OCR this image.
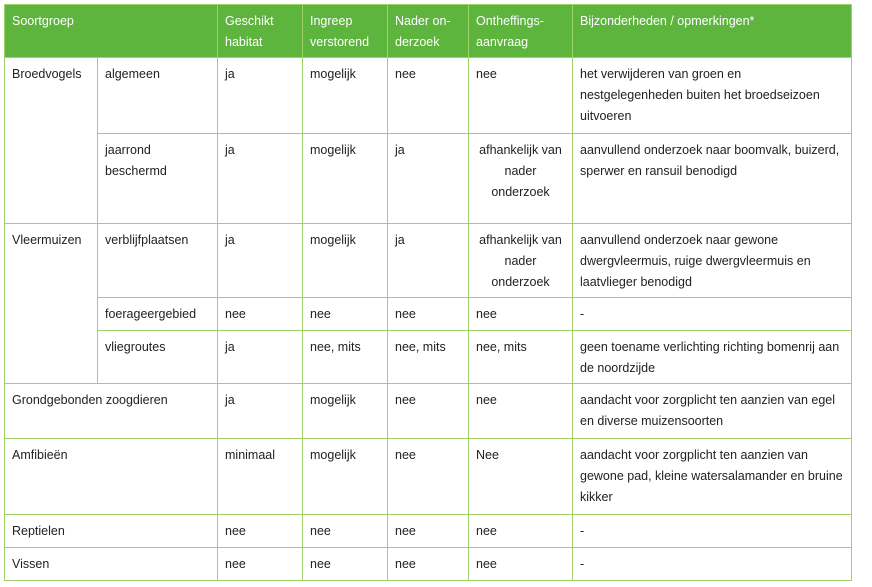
Soortgroep		Geschikt habitat	Ingreep verstorend	Nader on-derzoek	Ontheffings-aanvraag	Bijzonderheden / opmerkingen*
Broedvogels	algemeen	ja	mogelijk	nee	nee	het verwijderen van groen en nestgelegenheden buiten het broedseizoen uitvoeren
	jaarrond beschermd	ja	mogelijk	ja	afhankelijk van nader onderzoek	aanvullend onderzoek naar boomvalk, buizerd, sperwer en ransuil benodigd
Vleermuizen	verblijfplaatsen	ja	mogelijk	ja	afhankelijk van nader onderzoek	aanvullend onderzoek naar gewone dwergvleermuis, ruige dwergvleermuis en laatvlieger benodigd
	foerageergebied	nee	nee	nee	nee	-
	vliegroutes	ja	nee, mits	nee, mits	nee, mits	geen toename verlichting richting bomenrij aan de noordzijde
Grondgebonden zoogdieren		ja	mogelijk	nee	nee	aandacht voor zorgplicht ten aanzien van egel en diverse muizensoorten
Amfibieën		minimaal	mogelijk	nee	Nee	aandacht voor zorgplicht ten aanzien van gewone pad, kleine watersalamander en bruine kikker
Reptielen		nee	nee	nee	nee	-
Vissen		nee	nee	nee	nee	-
